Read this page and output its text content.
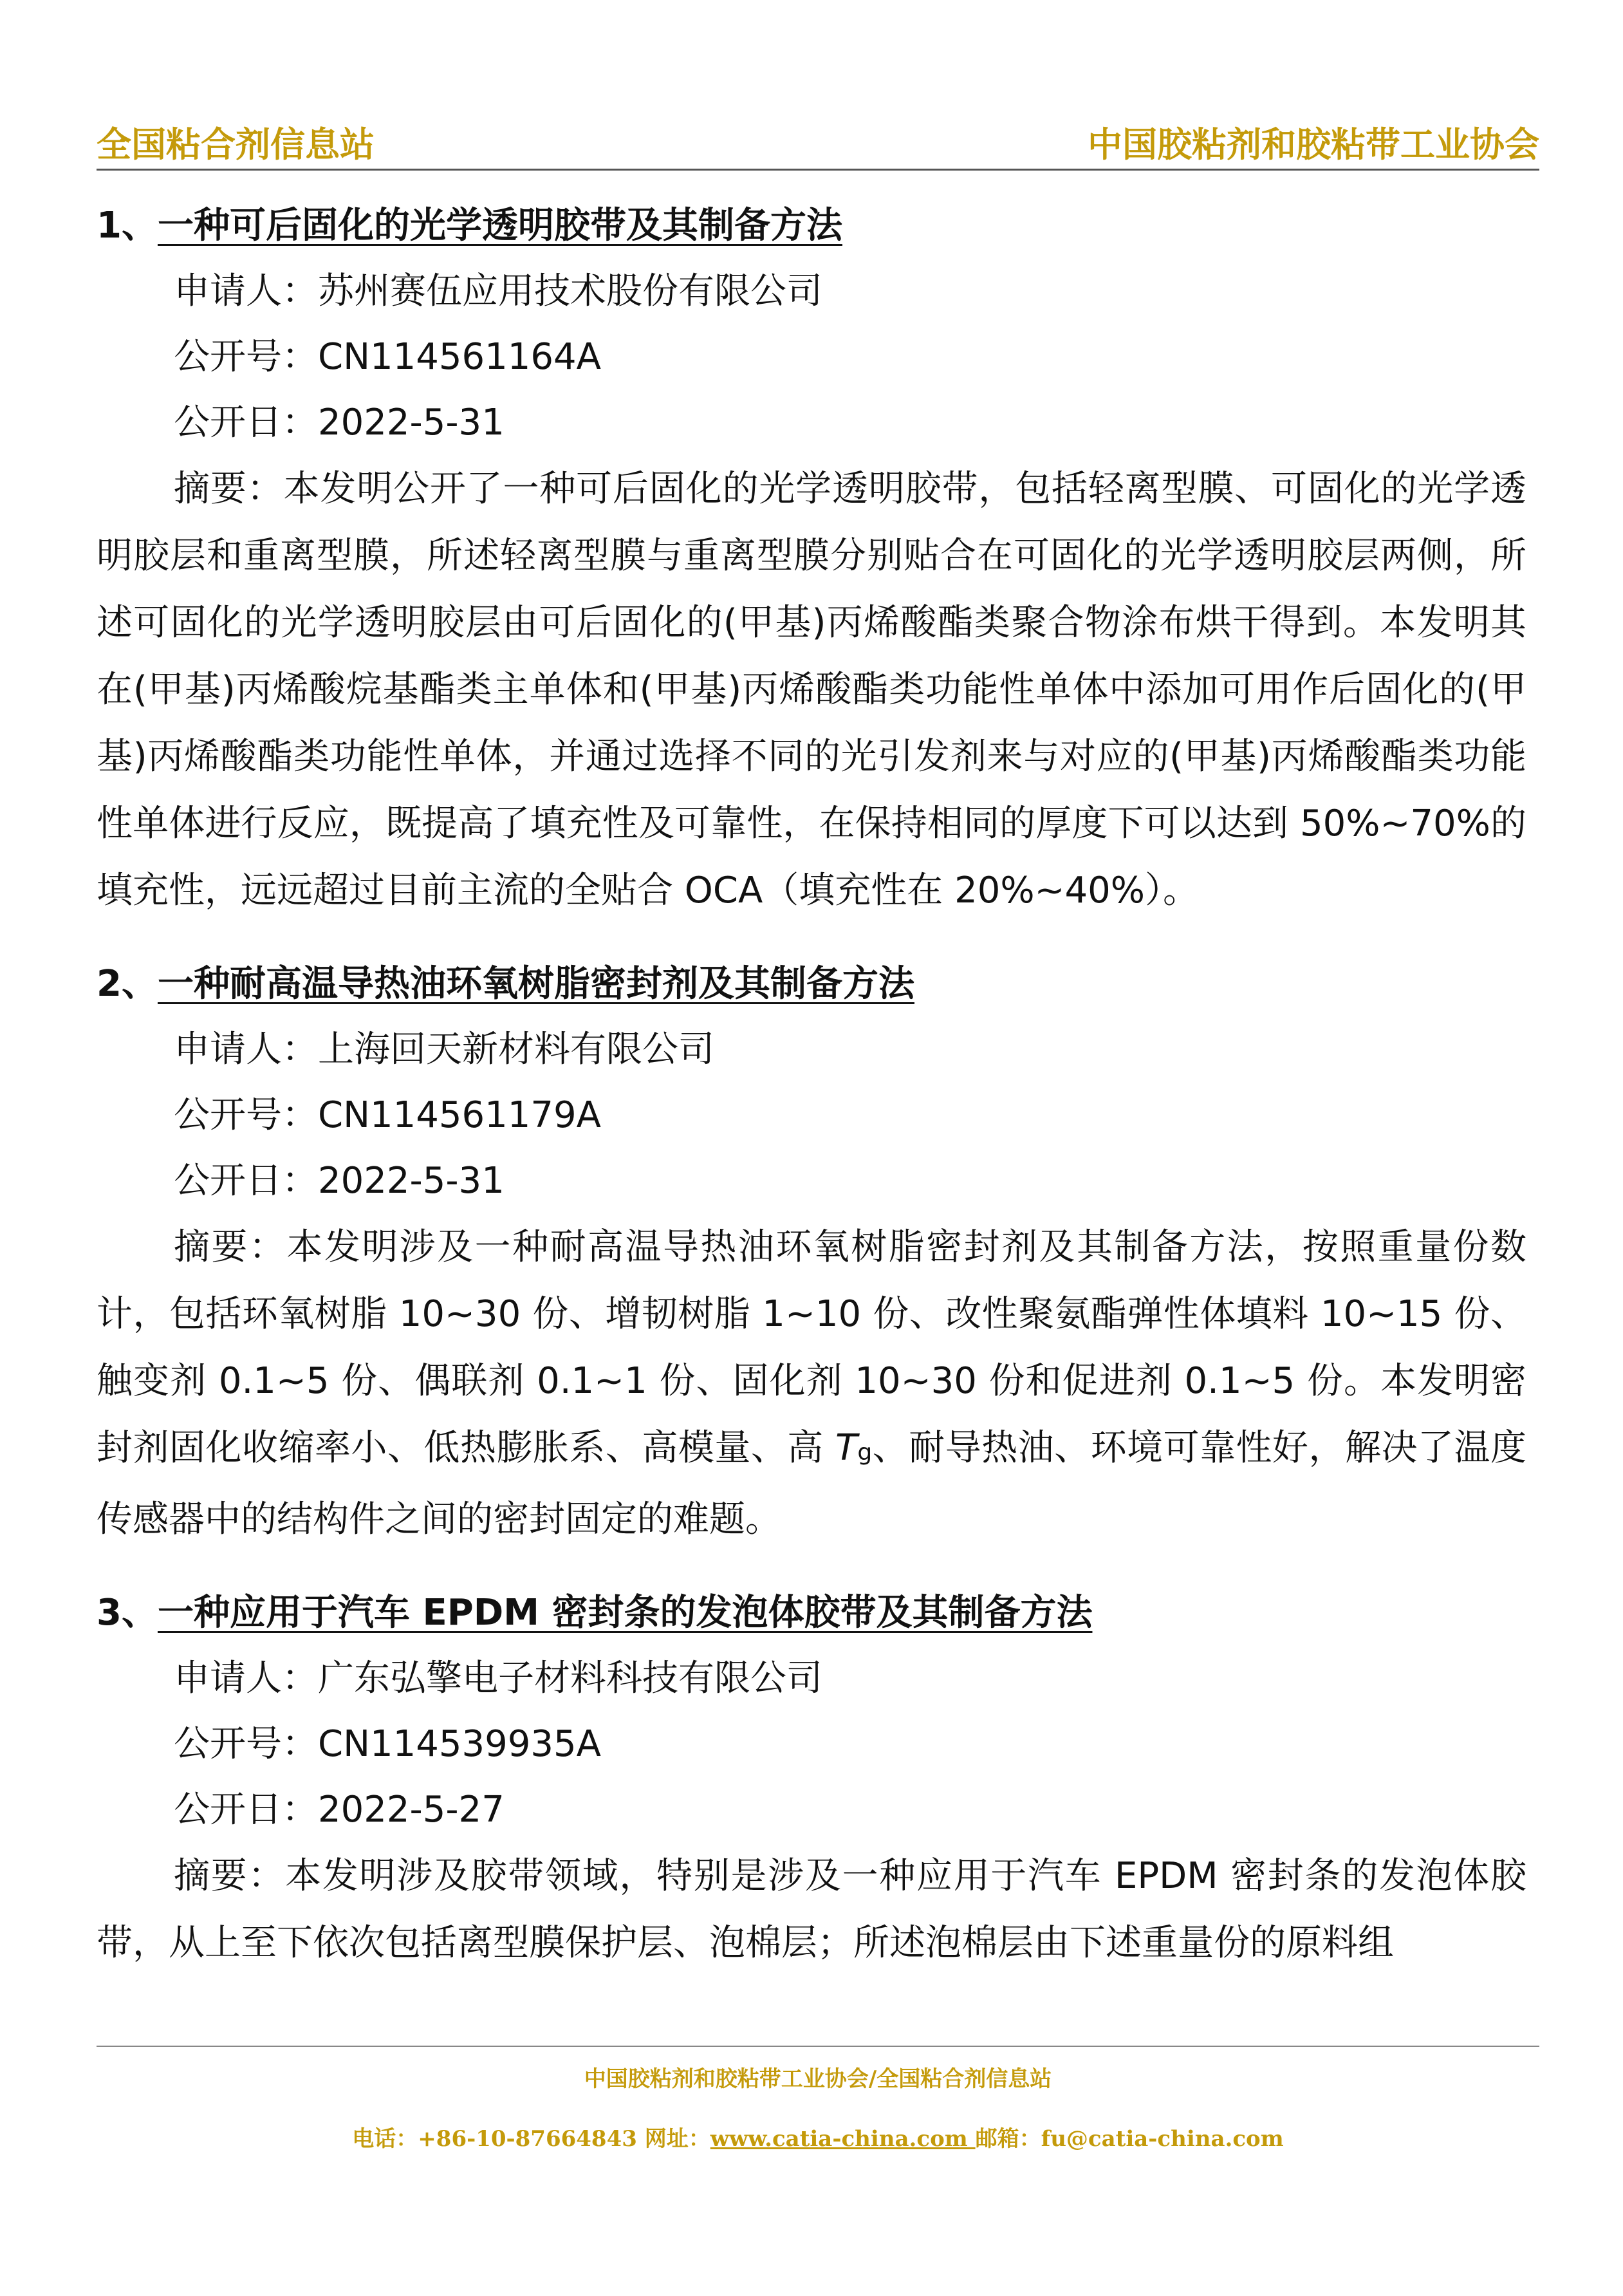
全国粘合剂信息站	中国胶粘剂和胶粘带工业协会
1、一种可后固化的光学透明胶带及其制备方法
申请人：苏州赛伍应用技术股份有限公司
公开号：CN114561164A
公开日：2022-5-31

摘要：本发明公开了一种可后固化的光学透明胶带，包括轻离型膜、可固化的光学透明胶层和重离型膜，所述轻离型膜与重离型膜分别贴合在可固化的光学透明胶层两侧，所述可固化的光学透明胶层由可后固化的(甲基)丙烯酸酯类聚合物涂布烘干得到。本发明其在(甲基)丙烯酸烷基酯类主单体和(甲基)丙烯酸酯类功能性单体中添加可用作后固化的(甲基)丙烯酸酯类功能性单体，并通过选择不同的光引发剂来与对应的(甲基)丙烯酸酯类功能性单体进行反应，既提高了填充性及可靠性，在保持相同的厚度下可以达到 50%~70%的填充性，远远超过目前主流的全贴合 OCA（填充性在 20%~40%）。

2、一种耐高温导热油环氧树脂密封剂及其制备方法
申请人：上海回天新材料有限公司
公开号：CN114561179A
公开日：2022-5-31

摘要：本发明涉及一种耐高温导热油环氧树脂密封剂及其制备方法，按照重量份数计，包括环氧树脂 10~30 份、增韧树脂 1~10 份、改性聚氨酯弹性体填料 10~15 份、触变剂 0.1~5 份、偶联剂 0.1~1 份、固化剂 10~30 份和促进剂 0.1~5 份。本发明密封剂固化收缩率小、低热膨胀系、高模量、高 Tg、耐导热油、环境可靠性好，解决了温度传感器中的结构件之间的密封固定的难题。

3、一种应用于汽车 EPDM 密封条的发泡体胶带及其制备方法
申请人：广东弘擎电子材料科技有限公司
公开号：CN114539935A
公开日：2022-5-27

摘要：本发明涉及胶带领域，特别是涉及一种应用于汽车 EPDM 密封条的发泡体胶带，从上至下依次包括离型膜保护层、泡棉层；所述泡棉层由下述重量份的原料组

中国胶粘剂和胶粘带工业协会/全国粘合剂信息站
电话：+86-10-87664843 网址：www.catia-china.com 邮箱：fu@catia-china.com
